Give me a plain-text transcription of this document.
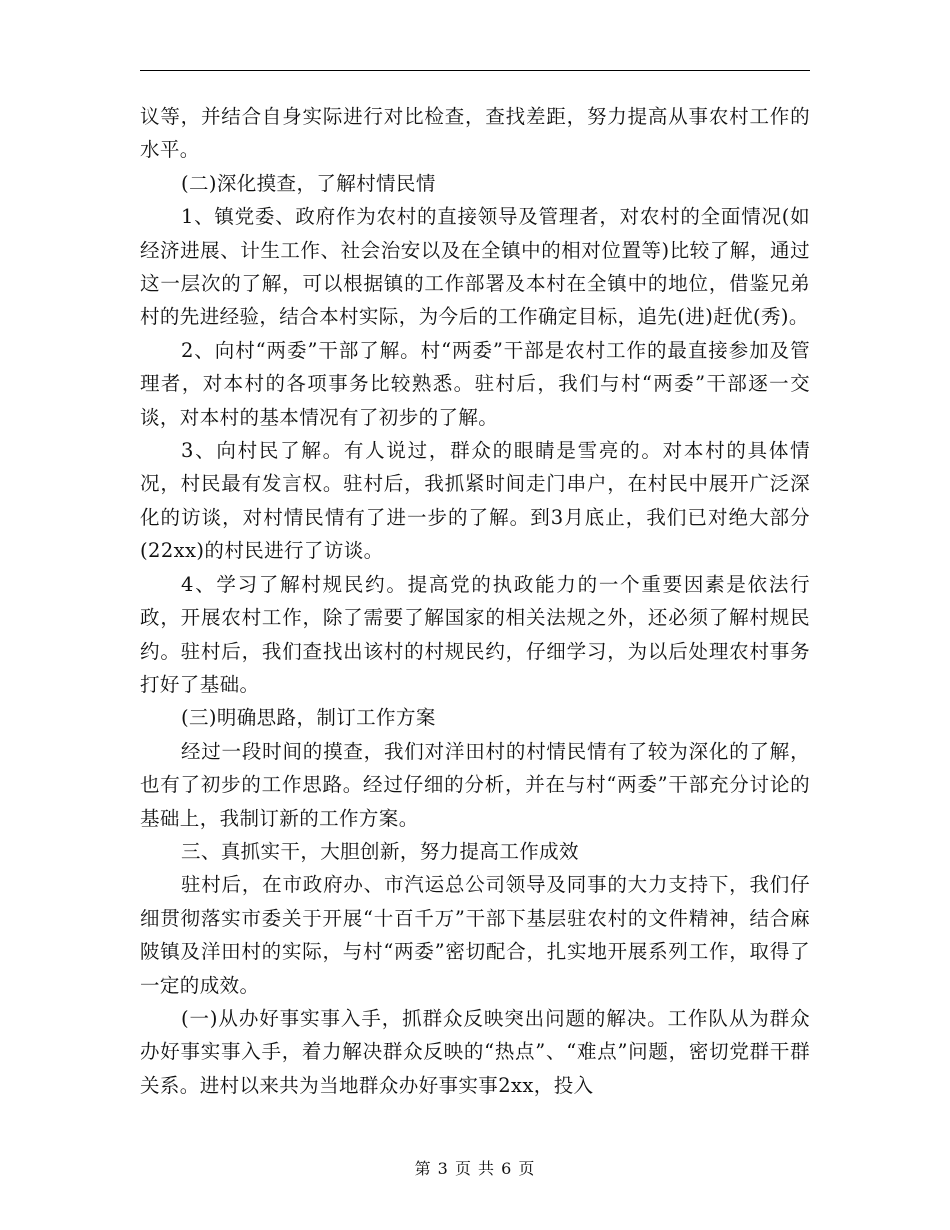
议等，并结合自身实际进行对比检查，查找差距，努力提高从事农村工作的水平。

(二)深化摸查，了解村情民情

1、镇党委、政府作为农村的直接领导及管理者，对农村的全面情况(如经济进展、计生工作、社会治安以及在全镇中的相对位置等)比较了解，通过这一层次的了解，可以根据镇的工作部署及本村在全镇中的地位，借鉴兄弟村的先进经验，结合本村实际，为今后的工作确定目标，追先(进)赶优(秀)。

2、向村“两委”干部了解。村“两委”干部是农村工作的最直接参加及管理者，对本村的各项事务比较熟悉。驻村后，我们与村“两委”干部逐一交谈，对本村的基本情况有了初步的了解。

3、向村民了解。有人说过，群众的眼睛是雪亮的。对本村的具体情况，村民最有发言权。驻村后，我抓紧时间走门串户，在村民中展开广泛深化的访谈，对村情民情有了进一步的了解。到3月底止，我们已对绝大部分(22xx)的村民进行了访谈。

4、学习了解村规民约。提高党的执政能力的一个重要因素是依法行政，开展农村工作，除了需要了解国家的相关法规之外，还必须了解村规民约。驻村后，我们查找出该村的村规民约，仔细学习，为以后处理农村事务打好了基础。

(三)明确思路，制订工作方案

经过一段时间的摸查，我们对洋田村的村情民情有了较为深化的了解，也有了初步的工作思路。经过仔细的分析，并在与村“两委”干部充分讨论的基础上，我制订新的工作方案。

三、真抓实干，大胆创新，努力提高工作成效

驻村后，在市政府办、市汽运总公司领导及同事的大力支持下，我们仔细贯彻落实市委关于开展“十百千万”干部下基层驻农村的文件精神，结合麻陂镇及洋田村的实际，与村“两委”密切配合，扎实地开展系列工作，取得了一定的成效。

(一)从办好事实事入手，抓群众反映突出问题的解决。工作队从为群众办好事实事入手，着力解决群众反映的“热点”、“难点”问题，密切党群干群关系。进村以来共为当地群众办好事实事2xx，投入

第 3 页 共 6 页
